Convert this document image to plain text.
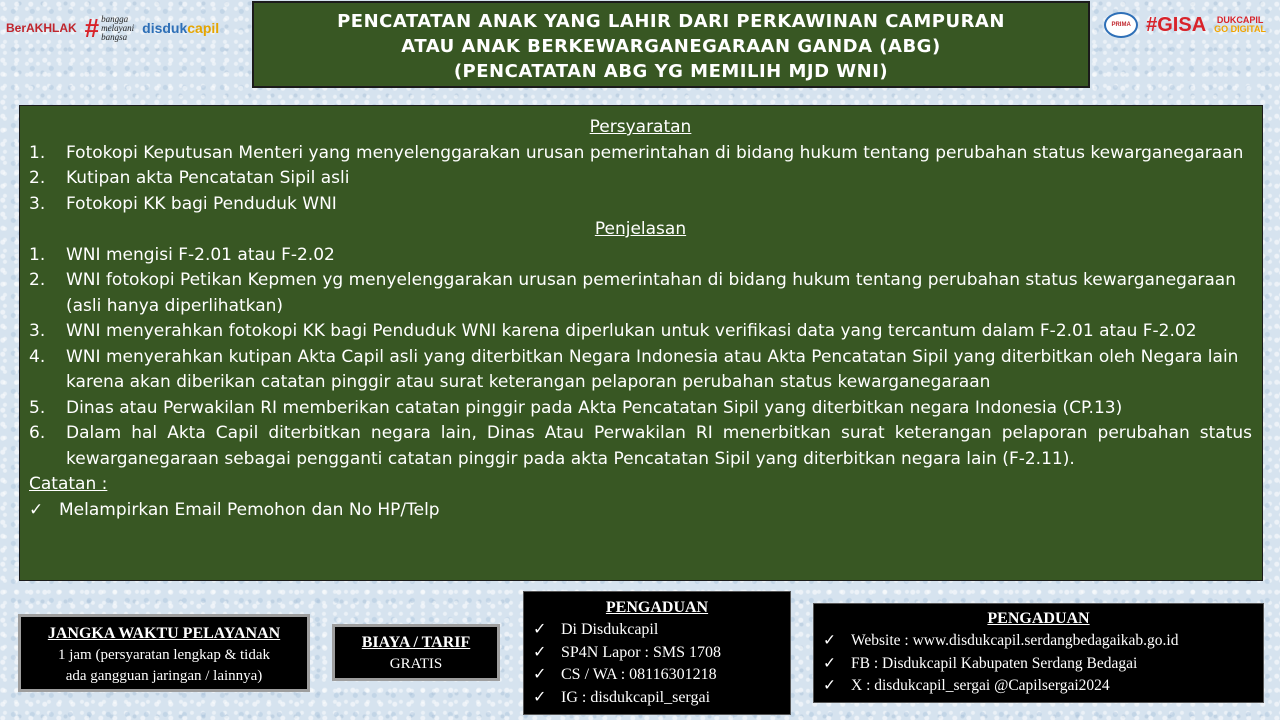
BerAKHLAK # bangga
melayani
bangsa
disdukcapil	PRIMA #GISA DUKCAPIL
GO DIGITAL
PENCATATAN ANAK YANG LAHIR DARI PERKAWINAN CAMPURAN
ATAU ANAK BERKEWARGANEGARAAN GANDA (ABG)
(PENCATATAN ABG YG MEMILIH MJD WNI)
Persyaratan
1.	Fotokopi Keputusan Menteri yang menyelenggarakan urusan pemerintahan di bidang hukum tentang perubahan status kewarganegaraan
2.	Kutipan akta Pencatatan Sipil asli
3.	Fotokopi KK bagi Penduduk WNI
Penjelasan
1.	WNI mengisi F-2.01 atau F-2.02
2.	WNI fotokopi Petikan Kepmen yg menyelenggarakan urusan pemerintahan di bidang hukum tentang perubahan status kewarganegaraan (asli hanya diperlihatkan)
3.	WNI menyerahkan fotokopi KK bagi Penduduk WNI karena diperlukan untuk verifikasi data yang tercantum dalam F-2.01 atau F-2.02
4.	WNI menyerahkan kutipan Akta Capil asli yang diterbitkan Negara Indonesia atau Akta Pencatatan Sipil yang diterbitkan oleh Negara lain karena akan diberikan catatan pinggir atau surat keterangan pelaporan perubahan status kewarganegaraan
5.	Dinas atau Perwakilan RI memberikan catatan pinggir pada Akta Pencatatan Sipil yang diterbitkan negara Indonesia (CP.13)
6.	Dalam hal Akta Capil diterbitkan negara lain, Dinas Atau Perwakilan RI menerbitkan surat keterangan pelaporan perubahan status kewarganegaraan sebagai pengganti catatan pinggir pada akta Pencatatan Sipil yang diterbitkan negara lain (F-2.11).
Catatan :
✓ Melampirkan Email Pemohon dan No HP/Telp
JANGKA WAKTU PELAYANAN
1 jam (persyaratan lengkap & tidak
ada gangguan jaringan / lainnya)
BIAYA / TARIF
GRATIS
PENGADUAN
✓ Di Disdukcapil
✓ SP4N Lapor : SMS 1708
✓ CS / WA : 08116301218
✓ IG : disdukcapil_sergai
PENGADUAN
✓ Website : www.disdukcapil.serdangbedagaikab.go.id
✓ FB : Disdukcapil Kabupaten Serdang Bedagai
✓ X : disdukcapil_sergai @Capilsergai2024
